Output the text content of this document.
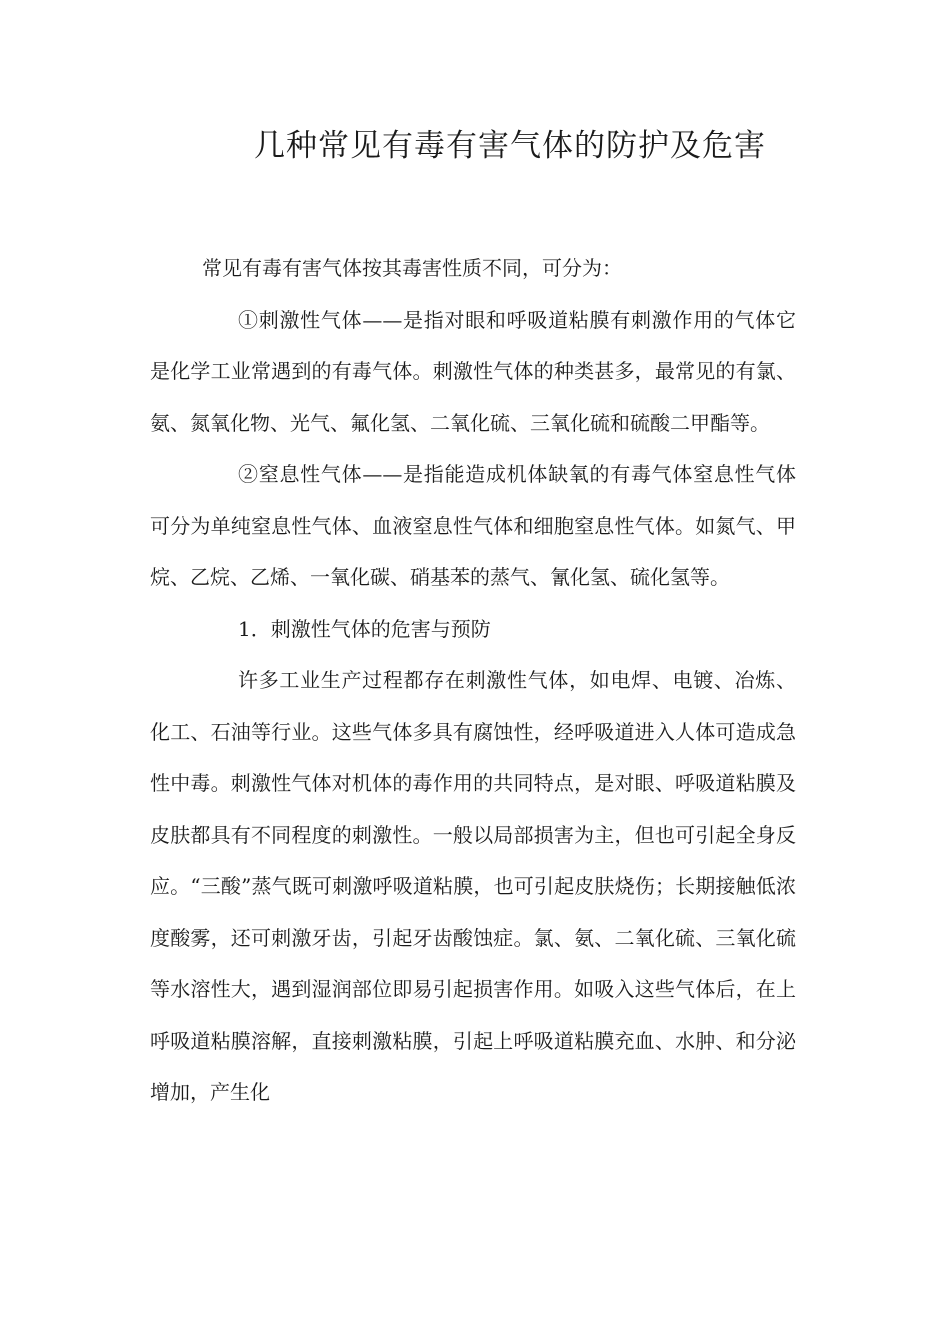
几种常见有毒有害气体的防护及危害

常见有毒有害气体按其毒害性质不同，可分为：

①刺激性气体——是指对眼和呼吸道粘膜有刺激作用的气体它是化学工业常遇到的有毒气体。刺激性气体的种类甚多，最常见的有氯、氨、氮氧化物、光气、氟化氢、二氧化硫、三氧化硫和硫酸二甲酯等。

②窒息性气体——是指能造成机体缺氧的有毒气体窒息性气体可分为单纯窒息性气体、血液窒息性气体和细胞窒息性气体。如氮气、甲烷、乙烷、乙烯、一氧化碳、硝基苯的蒸气、氰化氢、硫化氢等。

1．刺激性气体的危害与预防

许多工业生产过程都存在刺激性气体，如电焊、电镀、冶炼、化工、石油等行业。这些气体多具有腐蚀性，经呼吸道进入人体可造成急性中毒。刺激性气体对机体的毒作用的共同特点，是对眼、呼吸道粘膜及皮肤都具有不同程度的刺激性。一般以局部损害为主，但也可引起全身反应。“三酸”蒸气既可刺激呼吸道粘膜，也可引起皮肤烧伤；长期接触低浓度酸雾，还可刺激牙齿，引起牙齿酸蚀症。氯、氨、二氧化硫、三氧化硫等水溶性大，遇到湿润部位即易引起损害作用。如吸入这些气体后，在上呼吸道粘膜溶解，直接刺激粘膜，引起上呼吸道粘膜充血、水肿、和分泌增加，产生化
